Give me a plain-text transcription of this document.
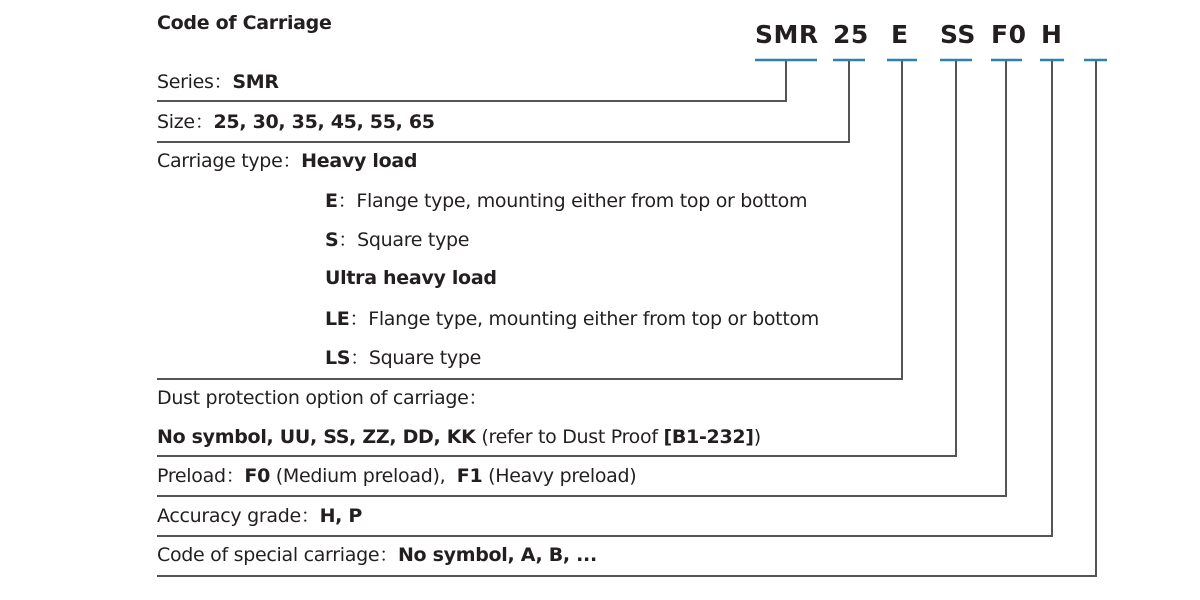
Code of Carriage	SMR 25 E SS F0 H
Series：SMR
Size：25, 30, 35, 45, 55, 65
Carriage type：Heavy load
E：Flange type, mounting either from top or bottom
S：Square type
Ultra heavy load
LE：Flange type, mounting either from top or bottom
LS：Square type
Dust protection option of carriage：
No symbol, UU, SS, ZZ, DD, KK (refer to Dust Proof [B1-232])
Preload：F0 (Medium preload), F1 (Heavy preload)
Accuracy grade：H, P
Code of special carriage：No symbol, A, B, ...
